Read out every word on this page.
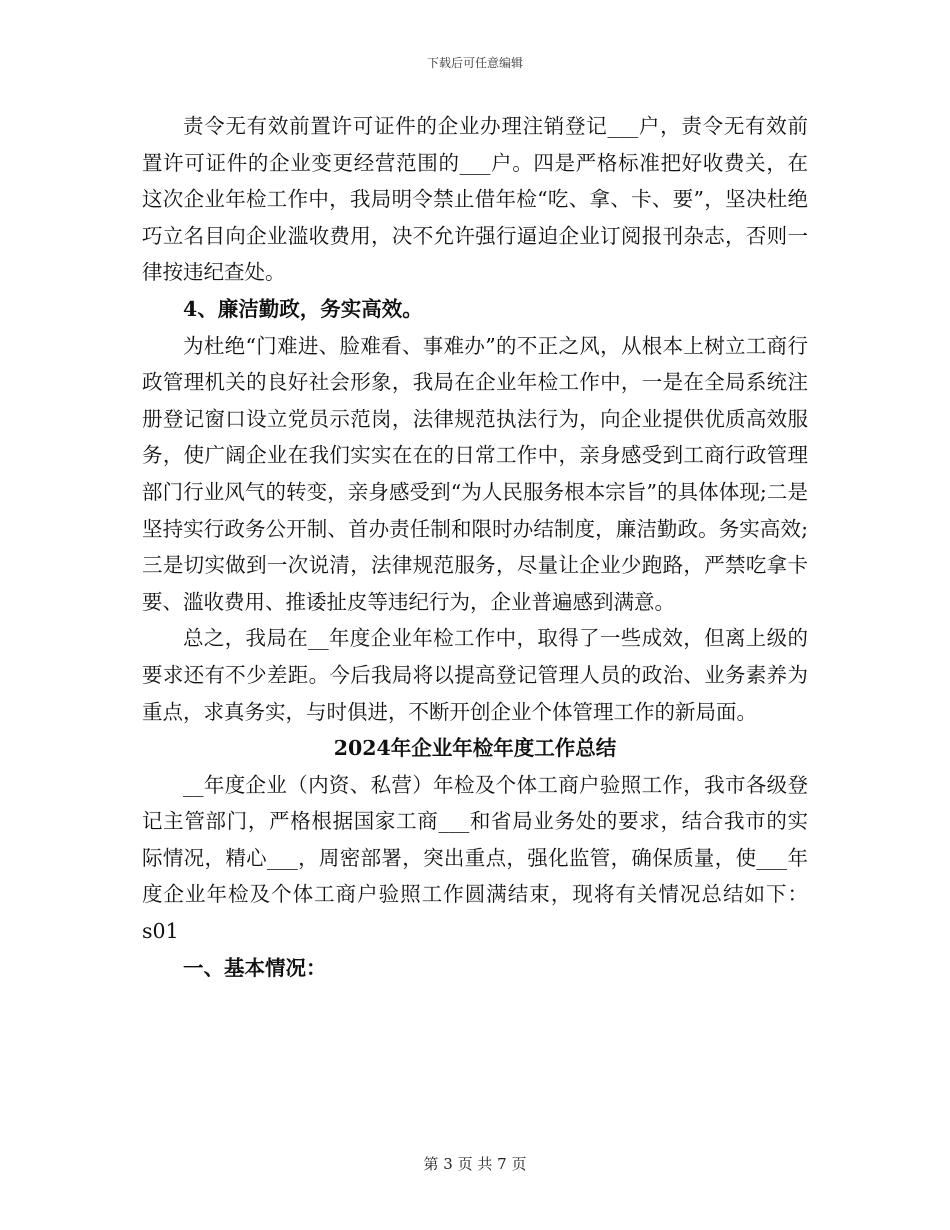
下载后可任意编辑

责令无有效前置许可证件的企业办理注销登记___户，责令无有效前置许可证件的企业变更经营范围的___户。四是严格标准把好收费关，在这次企业年检工作中，我局明令禁止借年检“吃、拿、卡、要”，坚决杜绝巧立名目向企业滥收费用，决不允许强行逼迫企业订阅报刊杂志，否则一律按违纪查处。

4、廉洁勤政，务实高效。

为杜绝“门难进、脸难看、事难办”的不正之风，从根本上树立工商行政管理机关的良好社会形象，我局在企业年检工作中，一是在全局系统注册登记窗口设立党员示范岗，法律规范执法行为，向企业提供优质高效服务，使广阔企业在我们实实在在的日常工作中，亲身感受到工商行政管理部门行业风气的转变，亲身感受到“为人民服务根本宗旨”的具体体现;二是坚持实行政务公开制、首办责任制和限时办结制度，廉洁勤政。务实高效;三是切实做到一次说清，法律规范服务，尽量让企业少跑路，严禁吃拿卡要、滥收费用、推诿扯皮等违纪行为，企业普遍感到满意。

总之，我局在__年度企业年检工作中，取得了一些成效，但离上级的要求还有不少差距。今后我局将以提高登记管理人员的政治、业务素养为重点，求真务实，与时俱进，不断开创企业个体管理工作的新局面。

2024年企业年检年度工作总结

__年度企业（内资、私营）年检及个体工商户验照工作，我市各级登记主管部门，严格根据国家工商___和省局业务处的要求，结合我市的实际情况，精心___，周密部署，突出重点，强化监管，确保质量，使___年度企业年检及个体工商户验照工作圆满结束，现将有关情况总结如下：s01

一、基本情况：

第 3 页 共 7 页
